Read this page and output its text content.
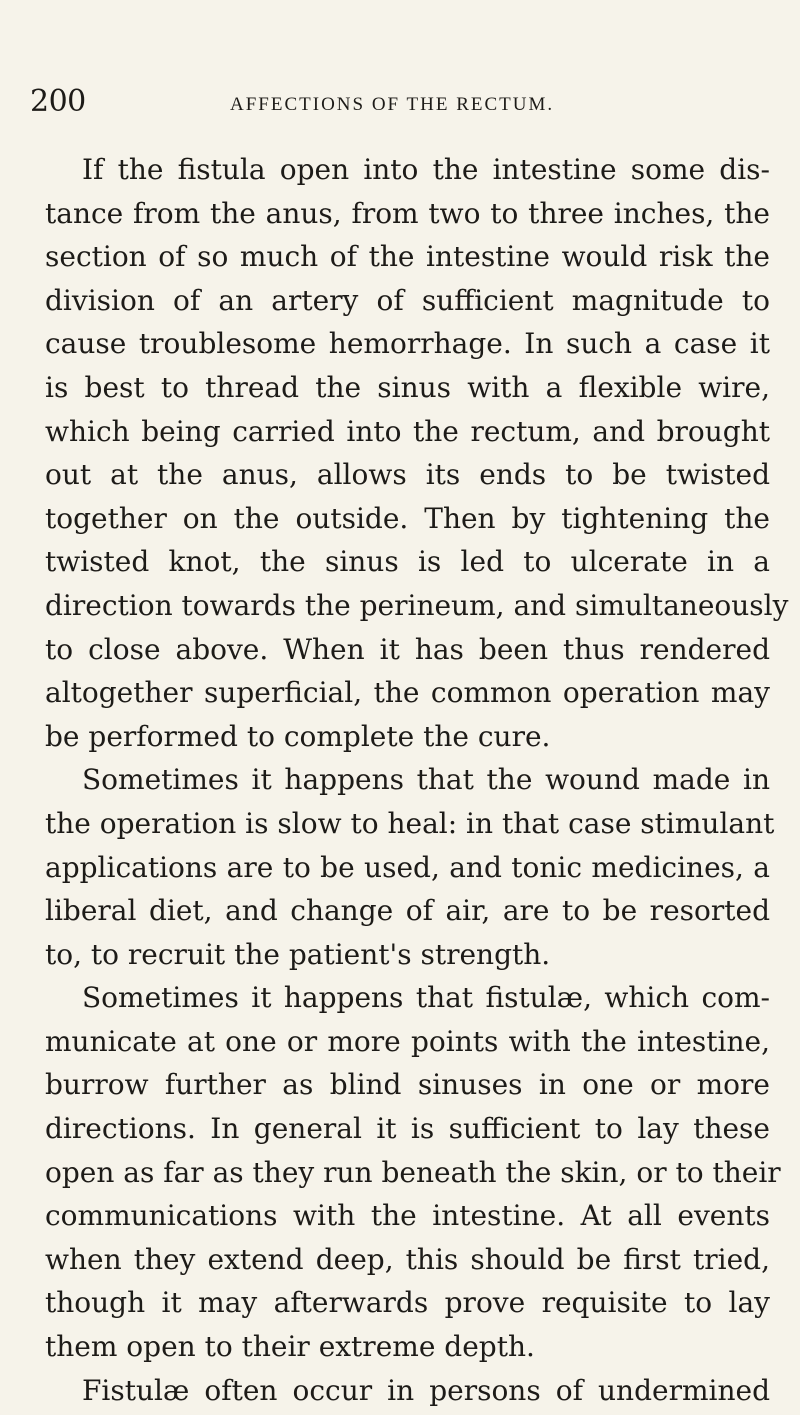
200	AFFECTIONS OF THE RECTUM.
If the fistula open into the intestine some dis-
tance from the anus, from two to three inches, the
section of so much of the intestine would risk the
division of an artery of sufficient magnitude to
cause troublesome hemorrhage. In such a case it
is best to thread the sinus with a flexible wire,
which being carried into the rectum, and brought
out at the anus, allows its ends to be twisted
together on the outside. Then by tightening the
twisted knot, the sinus is led to ulcerate in a
direction towards the perineum, and simultaneously
to close above. When it has been thus rendered
altogether superficial, the common operation may
be performed to complete the cure.
Sometimes it happens that the wound made in
the operation is slow to heal: in that case stimulant
applications are to be used, and tonic medicines, a
liberal diet, and change of air, are to be resorted
to, to recruit the patient's strength.
Sometimes it happens that fistulæ, which com-
municate at one or more points with the intestine,
burrow further as blind sinuses in one or more
directions. In general it is sufficient to lay these
open as far as they run beneath the skin, or to their
communications with the intestine. At all events
when they extend deep, this should be first tried,
though it may afterwards prove requisite to lay
them open to their extreme depth.
Fistulæ often occur in persons of undermined
